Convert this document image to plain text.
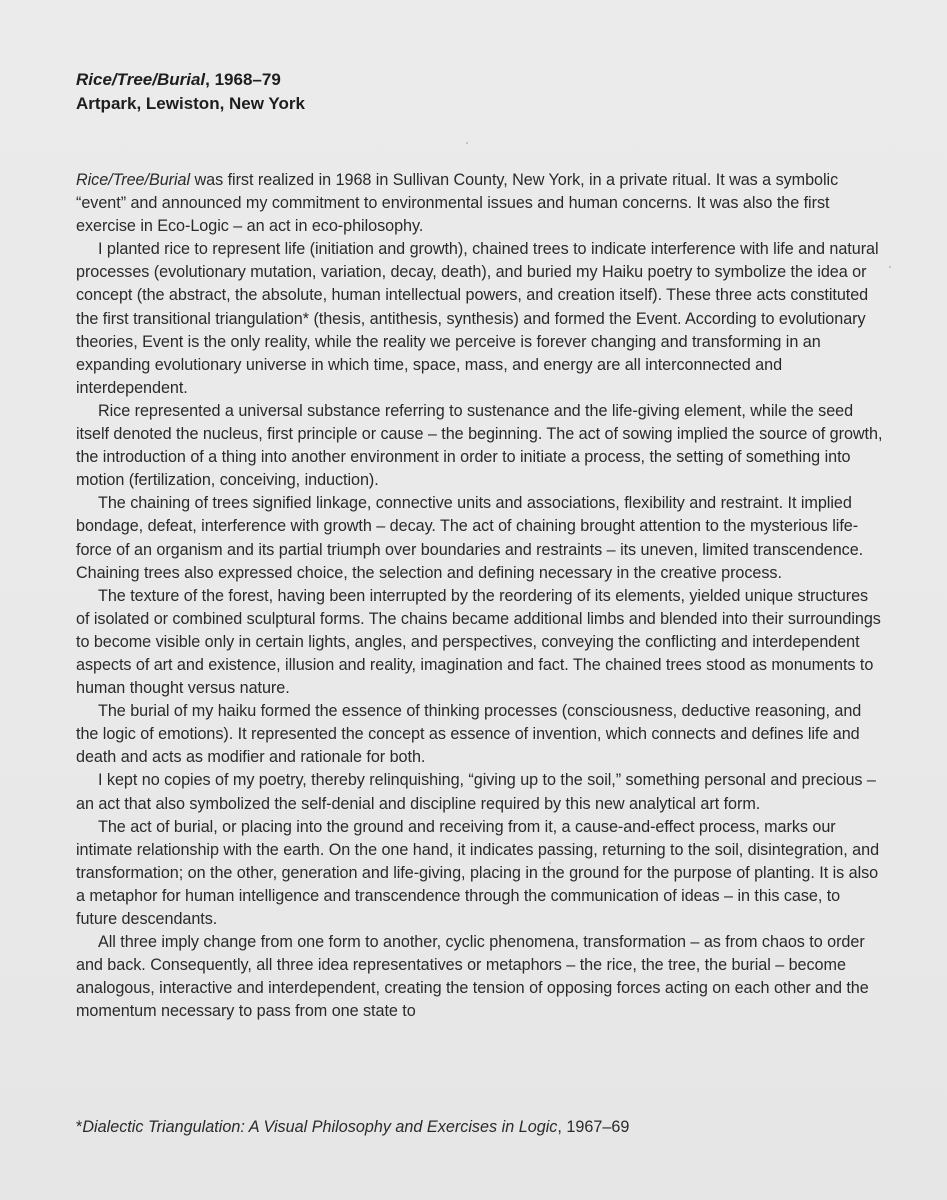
Rice/Tree/Burial, 1968–79
Artpark, Lewiston, New York

Rice/Tree/Burial was first realized in 1968 in Sullivan County, New York, in a private ritual. It was a symbolic “event” and announced my commitment to environmental issues and human concerns. It was also the first exercise in Eco-Logic – an act in eco-philosophy.

I planted rice to represent life (initiation and growth), chained trees to indicate interference with life and natural processes (evolutionary mutation, variation, decay, death), and buried my Haiku poetry to symbolize the idea or concept (the abstract, the absolute, human intellectual powers, and creation itself). These three acts constituted the first transitional triangulation* (thesis, antithesis, synthesis) and formed the Event. According to evolutionary theories, Event is the only reality, while the reality we perceive is forever changing and transforming in an expanding evolutionary universe in which time, space, mass, and energy are all interconnected and interdependent.

Rice represented a universal substance referring to sustenance and the life-giving element, while the seed itself denoted the nucleus, first principle or cause – the beginning. The act of sowing implied the source of growth, the introduction of a thing into another environment in order to initiate a process, the setting of something into motion (fertilization, conceiving, induction).

The chaining of trees signified linkage, connective units and associations, flexibility and restraint. It implied bondage, defeat, interference with growth – decay. The act of chaining brought attention to the mysterious life-force of an organism and its partial triumph over boundaries and restraints – its uneven, limited transcendence. Chaining trees also expressed choice, the selection and defining necessary in the creative process.

The texture of the forest, having been interrupted by the reordering of its elements, yielded unique structures of isolated or combined sculptural forms. The chains became additional limbs and blended into their surroundings to become visible only in certain lights, angles, and perspectives, conveying the conflicting and interdependent aspects of art and existence, illusion and reality, imagination and fact. The chained trees stood as monuments to human thought versus nature.

The burial of my haiku formed the essence of thinking processes (consciousness, deductive reasoning, and the logic of emotions). It represented the concept as essence of invention, which connects and defines life and death and acts as modifier and rationale for both.

I kept no copies of my poetry, thereby relinquishing, “giving up to the soil,” something personal and precious – an act that also symbolized the self-denial and discipline required by this new analytical art form.

The act of burial, or placing into the ground and receiving from it, a cause-and-effect process, marks our intimate relationship with the earth. On the one hand, it indicates passing, returning to the soil, disintegration, and transformation; on the other, generation and life-giving, placing in the ground for the purpose of planting. It is also a metaphor for human intelligence and transcendence through the communication of ideas – in this case, to future descendants.

All three imply change from one form to another, cyclic phenomena, transformation – as from chaos to order and back. Consequently, all three idea representatives or metaphors – the rice, the tree, the burial – become analogous, interactive and interdependent, creating the tension of opposing forces acting on each other and the momentum necessary to pass from one state to

*Dialectic Triangulation: A Visual Philosophy and Exercises in Logic, 1967–69
